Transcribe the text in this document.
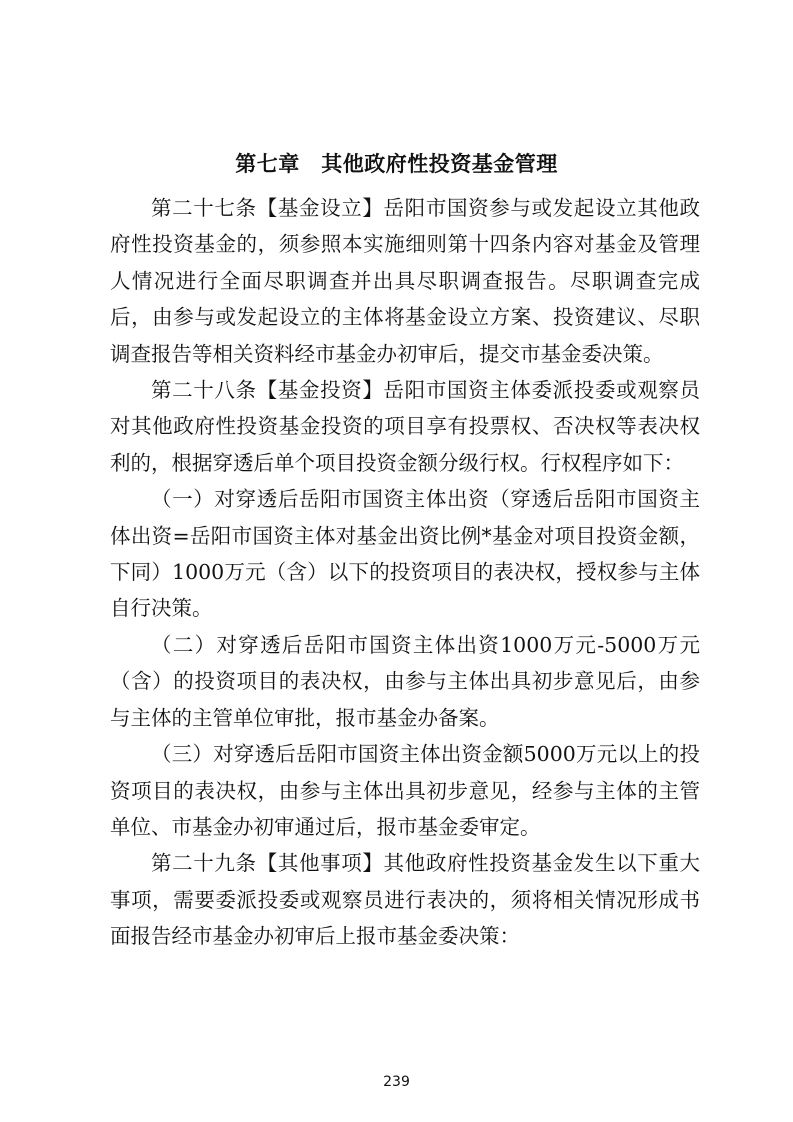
第七章　其他政府性投资基金管理

第二十七条【基金设立】岳阳市国资参与或发起设立其他政府性投资基金的，须参照本实施细则第十四条内容对基金及管理人情况进行全面尽职调查并出具尽职调查报告。尽职调查完成后，由参与或发起设立的主体将基金设立方案、投资建议、尽职调查报告等相关资料经市基金办初审后，提交市基金委决策。

第二十八条【基金投资】岳阳市国资主体委派投委或观察员对其他政府性投资基金投资的项目享有投票权、否决权等表决权利的，根据穿透后单个项目投资金额分级行权。行权程序如下：

（一）对穿透后岳阳市国资主体出资（穿透后岳阳市国资主体出资=岳阳市国资主体对基金出资比例*基金对项目投资金额，下同）1000万元（含）以下的投资项目的表决权，授权参与主体自行决策。

（二）对穿透后岳阳市国资主体出资1000万元-5000万元（含）的投资项目的表决权，由参与主体出具初步意见后，由参与主体的主管单位审批，报市基金办备案。

（三）对穿透后岳阳市国资主体出资金额5000万元以上的投资项目的表决权，由参与主体出具初步意见，经参与主体的主管单位、市基金办初审通过后，报市基金委审定。

第二十九条【其他事项】其他政府性投资基金发生以下重大事项，需要委派投委或观察员进行表决的，须将相关情况形成书面报告经市基金办初审后上报市基金委决策：

239
